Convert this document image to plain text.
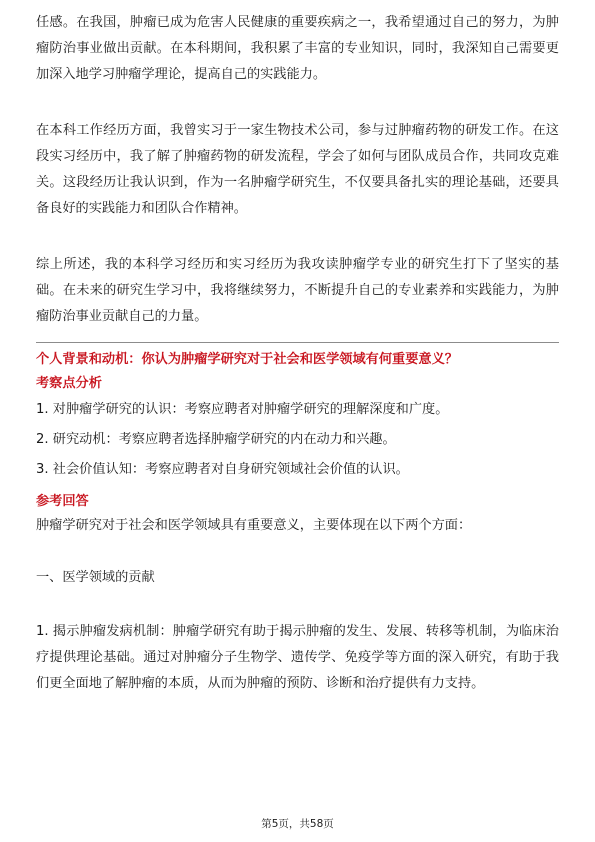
任感。在我国，肿瘤已成为危害人民健康的重要疾病之一，我希望通过自己的努力，为肿瘤防治事业做出贡献。在本科期间，我积累了丰富的专业知识，同时，我深知自己需要更加深入地学习肿瘤学理论，提高自己的实践能力。

在本科工作经历方面，我曾实习于一家生物技术公司，参与过肿瘤药物的研发工作。在这段实习经历中，我了解了肿瘤药物的研发流程，学会了如何与团队成员合作，共同攻克难关。这段经历让我认识到，作为一名肿瘤学研究生，不仅要具备扎实的理论基础，还要具备良好的实践能力和团队合作精神。

综上所述，我的本科学习经历和实习经历为我攻读肿瘤学专业的研究生打下了坚实的基础。在未来的研究生学习中，我将继续努力，不断提升自己的专业素养和实践能力，为肿瘤防治事业贡献自己的力量。

个人背景和动机：你认为肿瘤学研究对于社会和医学领域有何重要意义？

考察点分析

1. 对肿瘤学研究的认识：考察应聘者对肿瘤学研究的理解深度和广度。

2. 研究动机：考察应聘者选择肿瘤学研究的内在动力和兴趣。

3. 社会价值认知：考察应聘者对自身研究领域社会价值的认识。

参考回答

肿瘤学研究对于社会和医学领域具有重要意义，主要体现在以下两个方面：

一、医学领域的贡献

1. 揭示肿瘤发病机制：肿瘤学研究有助于揭示肿瘤的发生、发展、转移等机制，为临床治疗提供理论基础。通过对肿瘤分子生物学、遗传学、免疫学等方面的深入研究，有助于我们更全面地了解肿瘤的本质，从而为肿瘤的预防、诊断和治疗提供有力支持。

第5页，共58页
